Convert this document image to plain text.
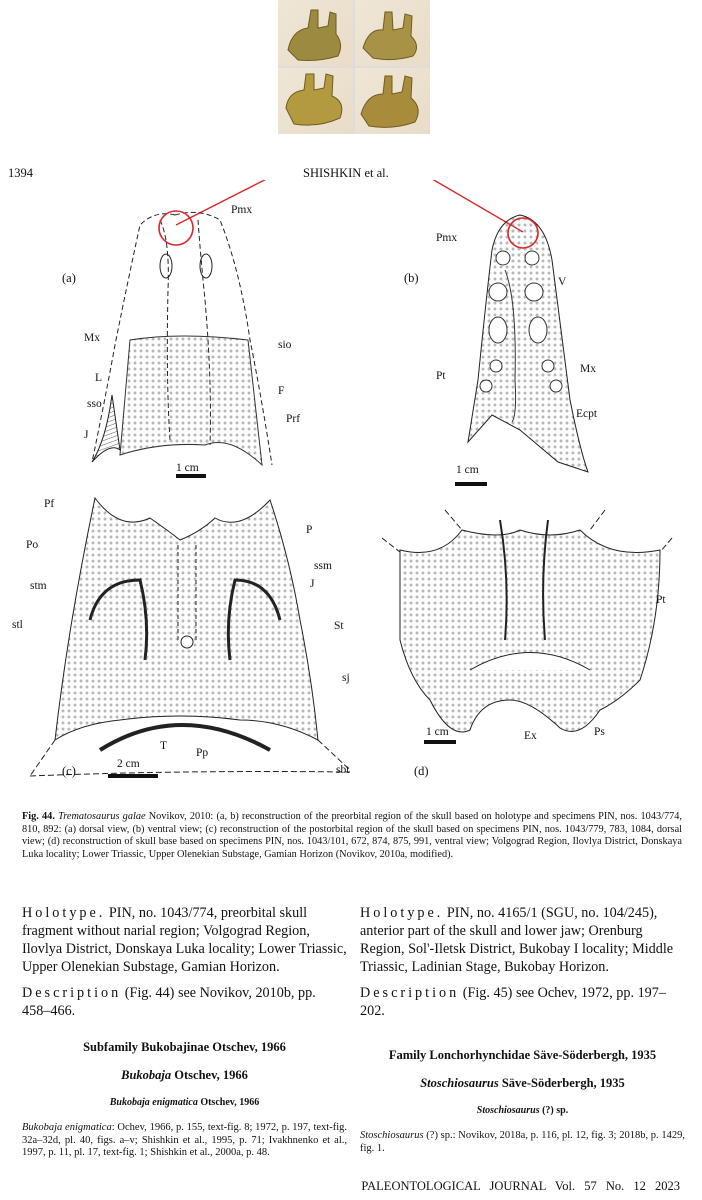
1394	SHISHKIN et al.
(a)	(b)
(c)	(d)
Pmx
Mx
L
sso
J
sio
F
Prf
1 cm
Pmx
V
Pt
Mx
Ecpt
1 cm
Pf
Po
stm
stl
P
ssm
J
St
sj
T
Pp
sbt
2 cm
Pt
Ex	Ps
1 cm
Fig. 44. Trematosaurus galae Novikov, 2010: (a, b) reconstruction of the preorbital region of the skull based on holotype and specimens PIN, nos. 1043/774, 810, 892: (a) dorsal view, (b) ventral view; (c) reconstruction of the postorbital region of the skull based on specimens PIN, nos. 1043/779, 783, 1084, dorsal view; (d) reconstruction of skull base based on specimens PIN, nos. 1043/101, 672, 874, 875, 991, ventral view; Volgograd Region, Ilovlya District, Donskaya Luka locality; Lower Triassic, Upper Olenekian Substage, Gamian Horizon (Novikov, 2010a, modified).

Holotype. PIN, no. 1043/774, preorbital skull fragment without narial region; Volgograd Region, Ilovlya District, Donskaya Luka locality; Lower Triassic, Upper Olenekian Substage, Gamian Horizon.

Description (Fig. 44) see Novikov, 2010b, pp. 458–466.

Subfamily Bukobajinae Otschev, 1966

Bukobaja Otschev, 1966

Bukobaja enigmatica Otschev, 1966

Bukobaja enigmatica: Ochev, 1966, p. 155, text-fig. 8; 1972, p. 197, text-fig. 32a–32d, pl. 40, figs. a–v; Shishkin et al., 1995, p. 71; Ivakhnenko et al., 1997, p. 11, pl. 17, text-fig. 1; Shishkin et al., 2000a, p. 48.

Holotype. PIN, no. 4165/1 (SGU, no. 104/245), anterior part of the skull and lower jaw; Orenburg Region, Sol'-Iletsk District, Bukobay I locality; Middle Triassic, Ladinian Stage, Bukobay Horizon.

Description (Fig. 45) see Ochev, 1972, pp. 197–202.

Family Lonchorhynchidae Säve-Söderbergh, 1935

Stoschiosaurus Säve-Söderbergh, 1935

Stoschiosaurus (?) sp.

Stoschiosaurus (?) sp.: Novikov, 2018a, p. 116, pl. 12, fig. 3; 2018b, p. 1429, fig. 1.

PALEONTOLOGICAL JOURNAL Vol. 57 No. 12 2023
